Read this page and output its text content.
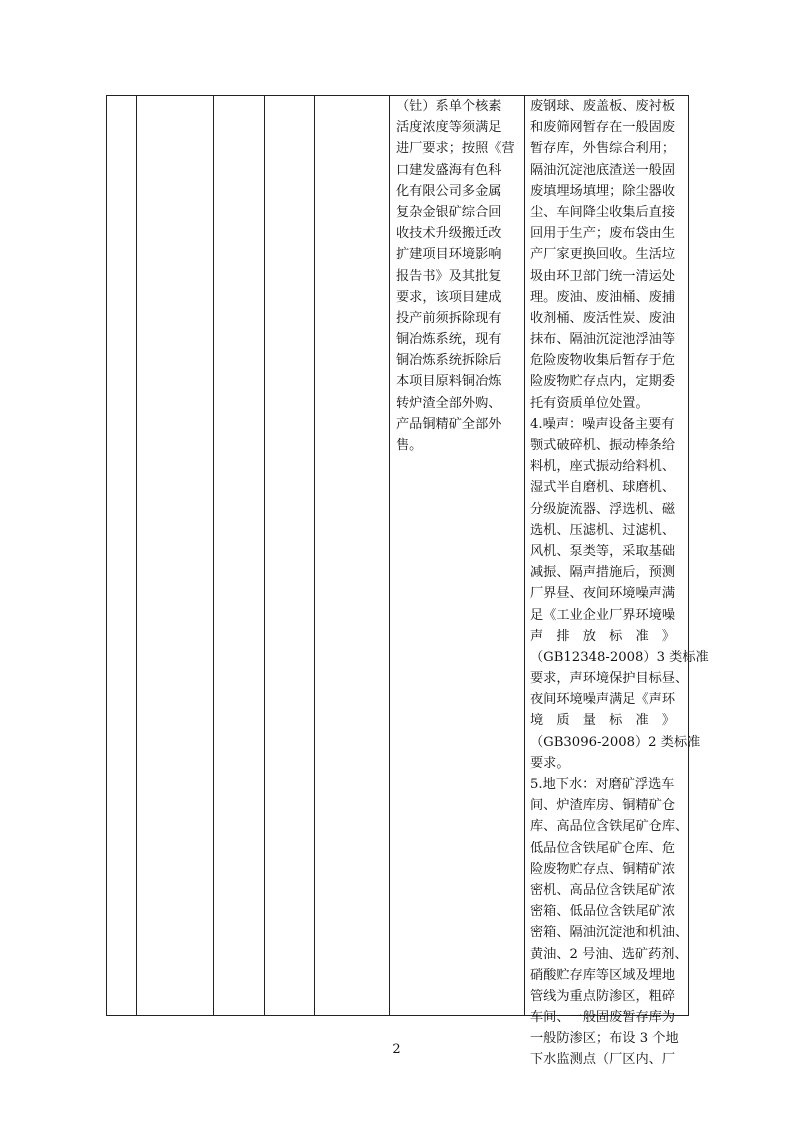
（钍）系单个核素
活度浓度等须满足
进厂要求；按照《营
口建发盛海有色科
化有限公司多金属
复杂金银矿综合回
收技术升级搬迁改
扩建项目环境影响
报告书》及其批复
要求，该项目建成
投产前须拆除现有
铜冶炼系统，现有
铜冶炼系统拆除后
本项目原料铜冶炼
转炉渣全部外购、
产品铜精矿全部外
售。
废钢球、废盖板、废衬板
和废筛网暂存在一般固废
暂存库，外售综合利用；
隔油沉淀池底渣送一般固
废填埋场填埋；除尘器收
尘、车间降尘收集后直接
回用于生产；废布袋由生
产厂家更换回收。生活垃
圾由环卫部门统一清运处
理。废油、废油桶、废捕
收剂桶、废活性炭、废油
抹布、隔油沉淀池浮油等
危险废物收集后暂存于危
险废物贮存点内，定期委
托有资质单位处置。
4.噪声：噪声设备主要有
颚式破碎机、振动棒条给
料机，座式振动给料机、
湿式半自磨机、球磨机、
分级旋流器、浮选机、磁
选机、压滤机、过滤机、
风机、泵类等，采取基础
减振、隔声措施后，预测
厂界昼、夜间环境噪声满
足《工业企业厂界环境噪
声　排　放　标　准　》
（GB12348-2008）3 类标准
要求，声环境保护目标昼、
夜间环境噪声满足《声环
境　质　量　标　准　》
（GB3096-2008）2 类标准
要求。
5.地下水：对磨矿浮选车
间、炉渣库房、铜精矿仓
库、高品位含铁尾矿仓库、
低品位含铁尾矿仓库、危
险废物贮存点、铜精矿浓
密机、高品位含铁尾矿浓
密箱、低品位含铁尾矿浓
密箱、隔油沉淀池和机油、
黄油、2 号油、选矿药剂、
硝酸贮存库等区域及埋地
管线为重点防渗区，粗碎
车间、一般固废暂存库为
一般防渗区；布设 3 个地
下水监测点（厂区内、厂
2
